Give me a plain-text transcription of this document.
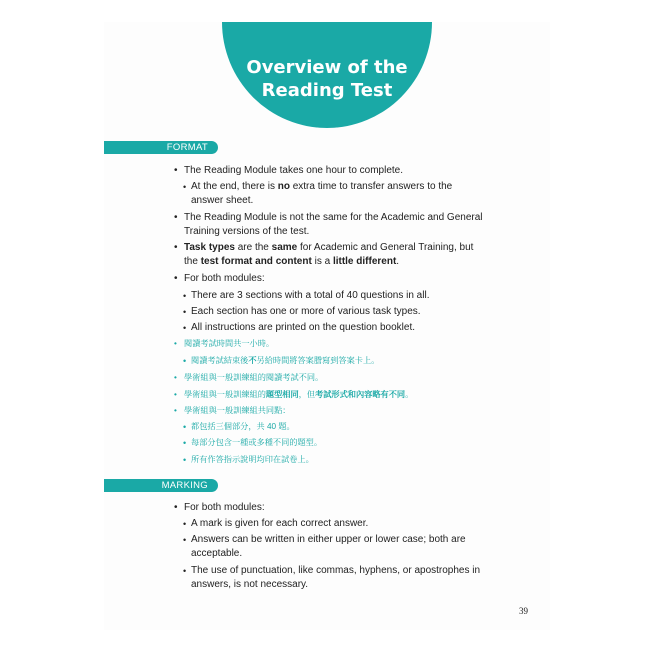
Overview of the
Reading Test
FORMAT
• The Reading Module takes one hour to complete.
• At the end, there is no extra time to transfer answers to the
answer sheet.
• The Reading Module is not the same for the Academic and General
Training versions of the test.
• Task types are the same for Academic and General Training, but
the test format and content is a little different.
• For both modules:
• There are 3 sections with a total of 40 questions in all.
• Each section has one or more of various task types.
• All instructions are printed on the question booklet.
• 閱讀考試時間共一小時。
• 閱讀考試結束後不另給時間將答案謄寫到答案卡上。
• 學術組與一般訓練組的閱讀考試不同。
• 學術組與一般訓練組的題型相同，但考試形式和內容略有不同。
• 學術組與一般訓練組共同點：
• 都包括三個部分，共 40 題。
• 每部分包含一種或多種不同的題型。
• 所有作答指示說明均印在試卷上。
MARKING
• For both modules:
• A mark is given for each correct answer.
• Answers can be written in either upper or lower case; both are
acceptable.
• The use of punctuation, like commas, hyphens, or apostrophes in
answers, is not necessary.
39
